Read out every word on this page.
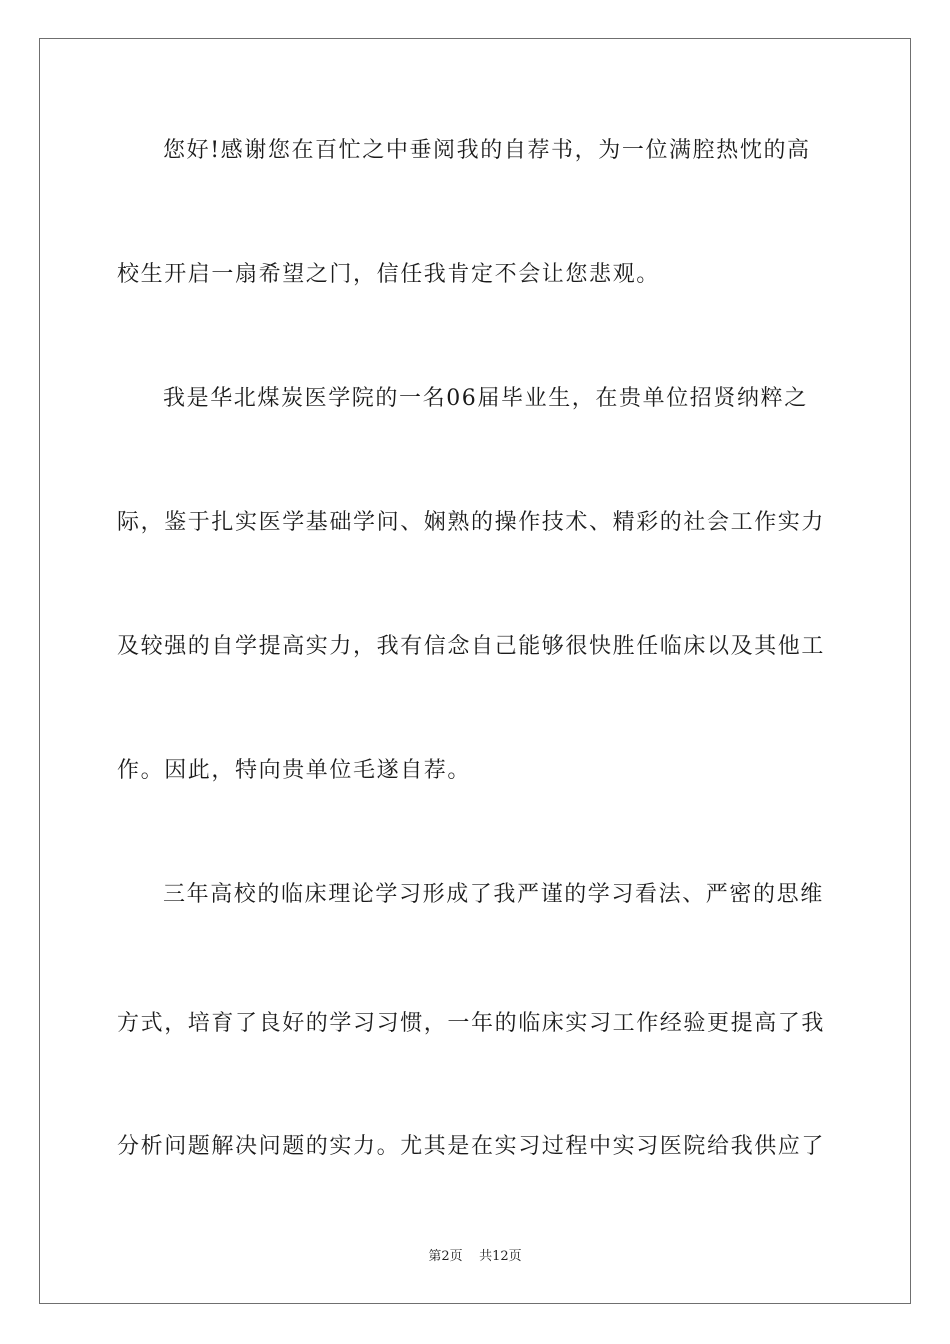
您好!感谢您在百忙之中垂阅我的自荐书，为一位满腔热忱的高
校生开启一扇希望之门，信任我肯定不会让您悲观。
我是华北煤炭医学院的一名06届毕业生，在贵单位招贤纳粹之
际，鉴于扎实医学基础学问、娴熟的操作技术、精彩的社会工作实力
及较强的自学提高实力，我有信念自己能够很快胜任临床以及其他工
作。因此，特向贵单位毛遂自荐。
三年高校的临床理论学习形成了我严谨的学习看法、严密的思维
方式，培育了良好的学习习惯，一年的临床实习工作经验更提高了我
分析问题解决问题的实力。尤其是在实习过程中实习医院给我供应了
第2页    共12页
